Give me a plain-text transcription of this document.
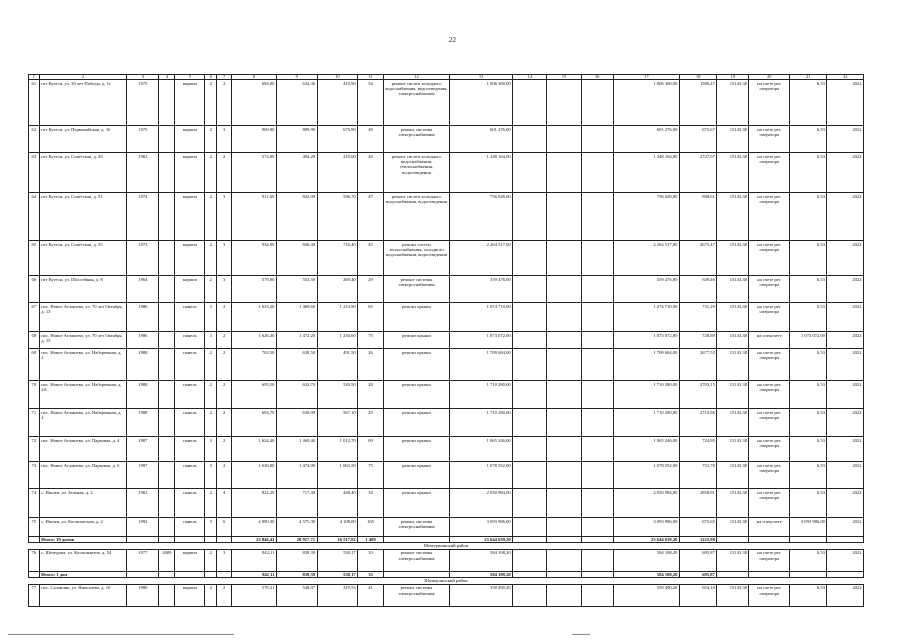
22
1	2	3	4	5	6	7	8	9	10	11	12	13	14	15	16	17	18	19	20	21	22
61	пгт Кугеси, ул. 30 лет Победы, д. 1г	1975		кирпич	2	2	694,00	634,30	419,90	54	ремонт систем холодного водоснабжения, водоотведения, электроснабжения	1 006 300,00				1 006 300,00	1586,47	15143,38	на счете рег. оператора	6,53	2022
62	пгт Кугеси, ул. Первомайская, д. 16	1975		кирпич	2	3	969,80	889,90	675,90	49	ремонт системы электроснабжения	601 276,00				601 276,00	675,67	15143,38	на счете рег. оператора	6,53	2022
63	пгт Кугеси, ул. Советская, д. 49	1963		кирпич	2	2	574,80	494,20	219,00	40	ремонт систем холодного водоснабжения, теплоснабжения, водоотведения	1 348 164,00				1 348 164,00	2727,97	15143,38	на счете рег. оператора	6,53	2022
64	пгт Кугеси, ул. Советская, д. 51	1974		кирпич	2	3	911,60	842,00	596,70	47	ремонт систем холодного водоснабжения, водоотведения	756 628,00				756 628,00	898,61	15143,38	на счете рег. оператора	6,53	2022
65	пгт Кугеси, ул. Советская, д. 55	1973		кирпич	2	3	934,90	846,40	716,40	45	ремонт систем теплоснабжения, холодного водоснабжения, водоотведения	2 264 517,00				2 264 517,00	2675,47	15143,38	на счете рег. оператора	6,53	2022
66	пгт Кугеси, ул. Шоссейная, д. 8	1964		кирпич	2	3	579,80	553,50	269,40	29	ремонт системы электроснабжения	359 476,00				359 476,00	649,46	15143,38	на счете рег. оператора	6,53	2022
67	пос. Новое Атлашево, ул. 70 лет Октября, д. 13	1986		панель	3	2	1 633,20	1 469,60	1 214,90	65	ремонт крыши	1 074 710,00				1 074 710,00	731,29	15143,38	на счете рег. оператора	6,53	2022
68	пос. Новое Атлашево, ул. 70 лет Октября, д. 15	1986		панель	3	2	1 626,40	1 472,20	1 250,60	75	ремонт крыши	1 073 072,00				1 073 072,00	728,89	15143,38	на спецсчете	1 073 072,00	2022
69	пос. Новое Атлашево, ул. Набережная, д. 2	1988		панель	2	2	702,50	638,50	491,50	26	ремонт крыши	1 709 684,00				1 709 684,00	2677,53	15143,38	на счете рег. оператора	6,53	2022
70	пос. Новое Атлашево, ул. Набережная, д. 2А	1988		панель	2	2	695,50	632,70	520,50	28	ремонт крыши	1 710 280,00				1 710 280,00	2703,15	15143,38	на счете рег. оператора	6,53	2022
71	пос. Новое Атлашево, ул. Набережная, д. 4	1988		панель	2	2	694,70	630,90	567,10	29	ремонт крыши	1 710 280,00				1 710 280,00	2710,86	15143,38	на счете рег. оператора	6,53	2022
72	пос. Новое Атлашево, ул. Парковая, д. 4	1987		панель	3	2	1 624,40	1 469,40	1 012,70	69	ремонт крыши	1 065 246,00				1 065 246,00	724,95	15143,38	на счете рег. оператора	6,53	2022
73	пос. Новое Атлашево, ул. Парковая, д. 6	1987		панель	3	2	1 630,00	1 474,00	1 063,50	75	ремонт крыши	1 078 552,00				1 078 552,00	731,70	15143,38	на счете рег. оператора	6,53	2022
74	с. Ишлеи, ул. Зеленая, д. 2	1963		панель	2	4	822,20	717,40	448,40	34	ремонт крыши	2 050 984,00				2 050 984,00	2858,91	15143,38	на счете рег. оператора	6,53	2022
75	с. Ишлеи, ул. Космическая, д. 2	1992		панель	5	6	4 990,30	4 575,30	4 108,00	165	ремонт системы электроснабжения	3 093 986,00				3 093 986,00	675,65	15143,38	на спецсчете	3 093 986,00	2022
	Итого: 19 домов						23 846,41	20 917,71	16 517,82	1 489		25 644 639,20				25 644 639,20	1225,98				
Шемуршинский район																					
76	с. Шемурша, ул. Космонавтов, д. 54	1977	2009	кирпич	2	3	942,11	839,39	530,17	33	ремонт системы электроснабжения	584 108,20				584 108,20	695,87	15143,38	на счете рег. оператора	6,53	2022
	Итого: 1 дом						942,11	839,39	530,17	33		584 108,20				584 108,20	695,87				
Шумерлинский район																					
77	пос. Саланчик, ул. Николаева, д. 10	1980		кирпич	2	2	579,21	548,07	319,53	41	ремонт системы электроснабжения	358 490,20				358 490,20	654,10	15143,38	на счете рег. оператора	6,53	2022
